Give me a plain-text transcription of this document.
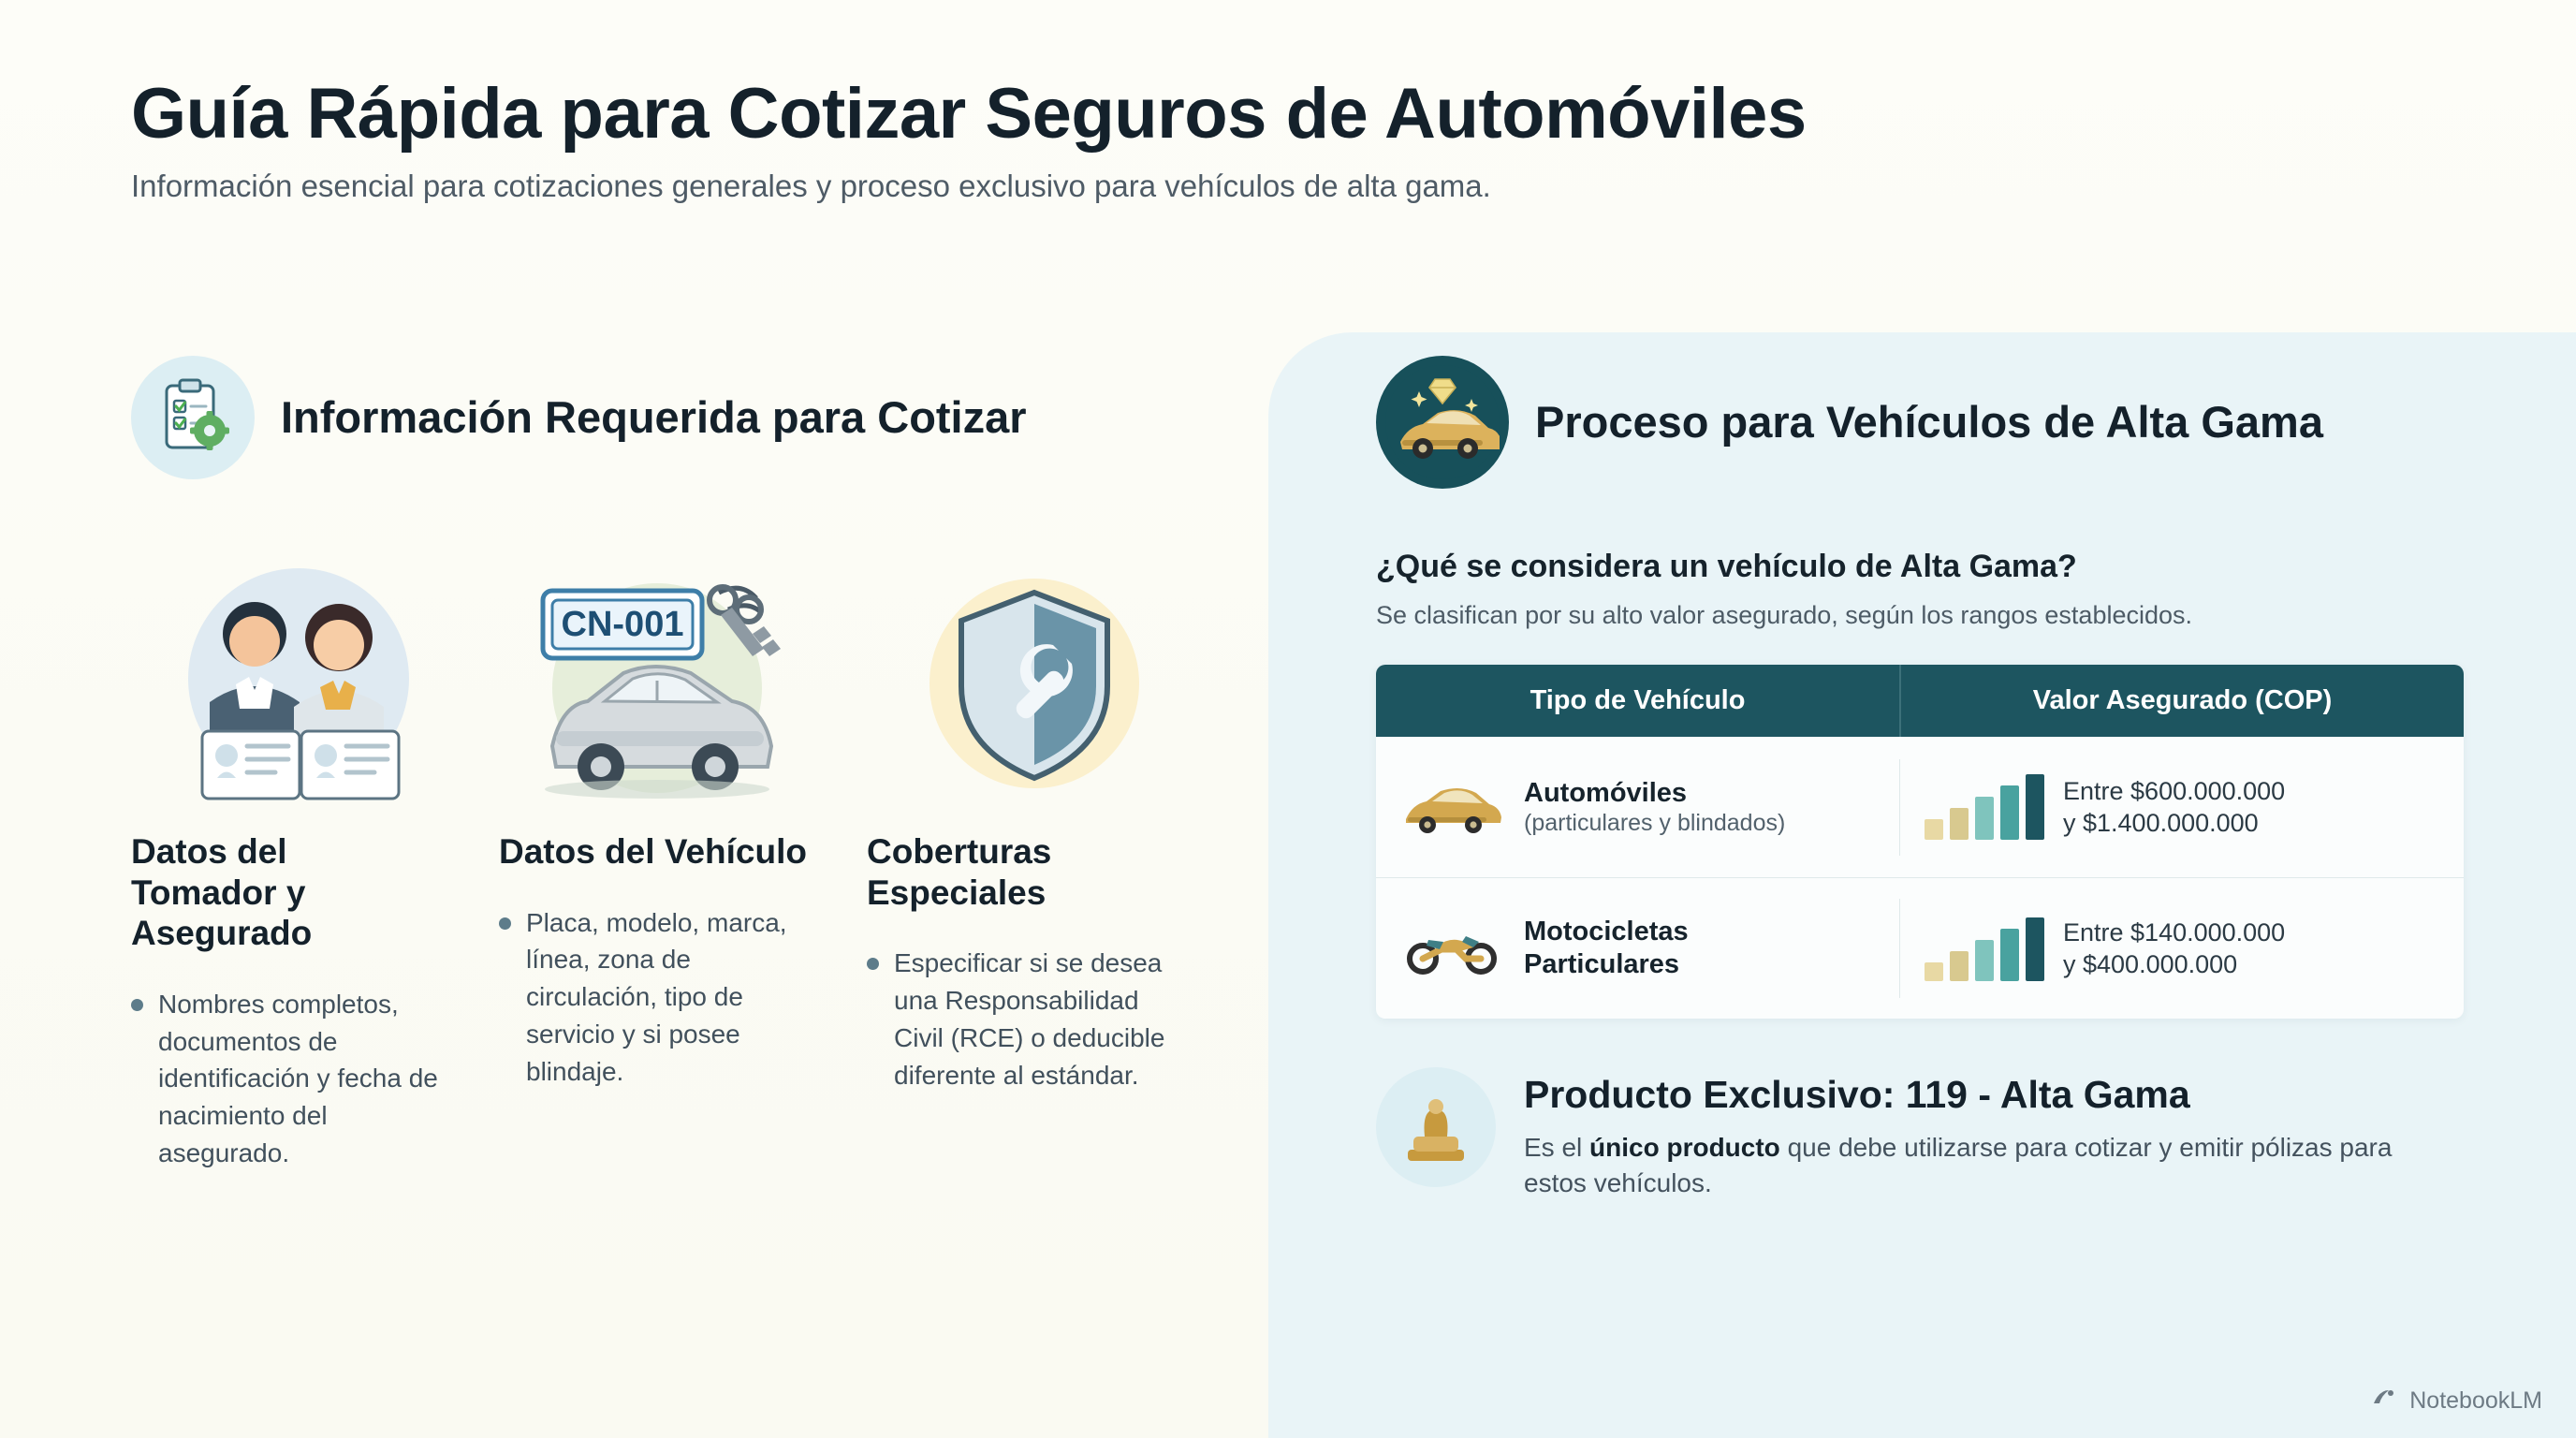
Guía Rápida para Cotizar Seguros de Automóviles

Información esencial para cotizaciones generales y proceso exclusivo para vehículos de alta gama.

Información Requerida para Cotizar
Datos del Tomador y Asegurado

Nombres completos, documentos de identificación y fecha de nacimiento del asegurado.

CN-001
Datos del Vehículo

Placa, modelo, marca, línea, zona de circulación, tipo de servicio y si posee blindaje.

Coberturas Especiales

Especificar si se desea una Responsabilidad Civil (RCE) o deducible diferente al estándar.

Proceso para Vehículos de Alta Gama
¿Qué se considera un vehículo de Alta Gama?

Se clasifican por su alto valor asegurado, según los rangos establecidos.

Tipo de Vehículo	Valor Asegurado (COP)
Automóviles
(particulares y blindados)
Entre $600.000.000
y $1.400.000.000
Motocicletas
Particulares
Entre $140.000.000
y $400.000.000
Producto Exclusivo: 119 - Alta Gama

Es el único producto que debe utilizarse para cotizar y emitir pólizas para estos vehículos.

NotebookLM
